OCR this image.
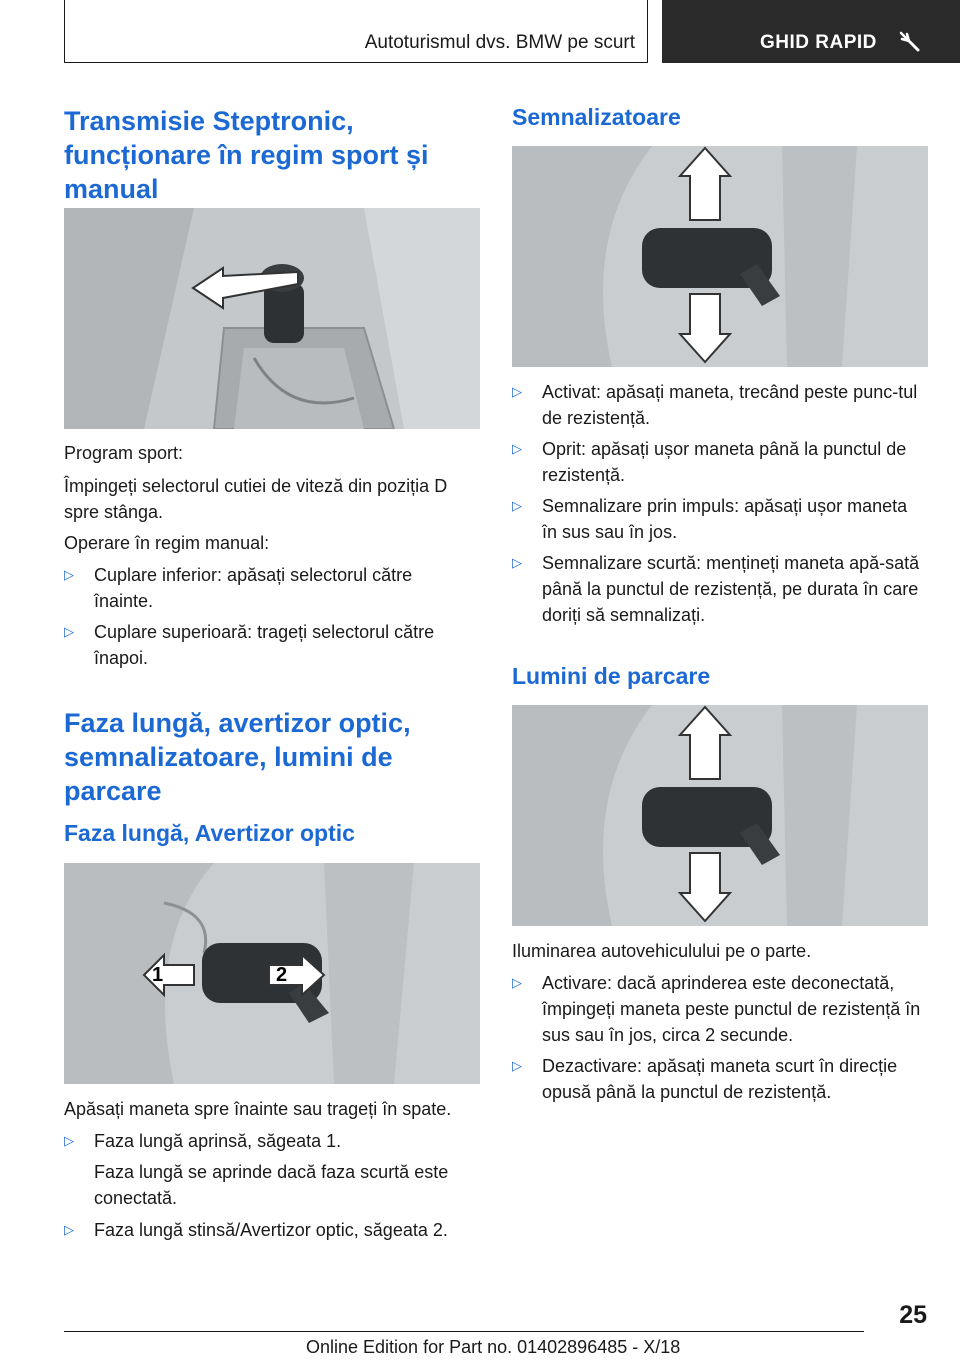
Autoturismul dvs. BMW pe scurt	GHID RAPID
Transmisie Steptronic, funcționare în regim sport și manual
Program sport:
Împingeți selectorul cutiei de viteză din poziția D spre stânga.
Operare în regim manual:
▷ Cuplare inferior: apăsați selectorul către înainte.
▷ Cuplare superioară: trageți selectorul către înapoi.
Faza lungă, avertizor optic, semnalizatoare, lumini de parcare
Faza lungă, Avertizor optic
1	2
Apăsați maneta spre înainte sau trageți în spate.
▷ Faza lungă aprinsă, săgeata 1.
Faza lungă se aprinde dacă faza scurtă este conectată.
▷ Faza lungă stinsă/Avertizor optic, săgeata 2.
Semnalizatoare
▷ Activat: apăsați maneta, trecând peste punc-tul de rezistență.
▷ Oprit: apăsați ușor maneta până la punctul de rezistență.
▷ Semnalizare prin impuls: apăsați ușor maneta în sus sau în jos.
▷ Semnalizare scurtă: mențineți maneta apă-sată până la punctul de rezistență, pe durata în care doriți să semnalizați.
Lumini de parcare
Iluminarea autovehiculului pe o parte.
▷ Activare: dacă aprinderea este deconectată, împingeți maneta peste punctul de rezistență în sus sau în jos, circa 2 secunde.
▷ Dezactivare: apăsați maneta scurt în direcție opusă până la punctul de rezistență.
25
Online Edition for Part no. 01402896485 - X/18
